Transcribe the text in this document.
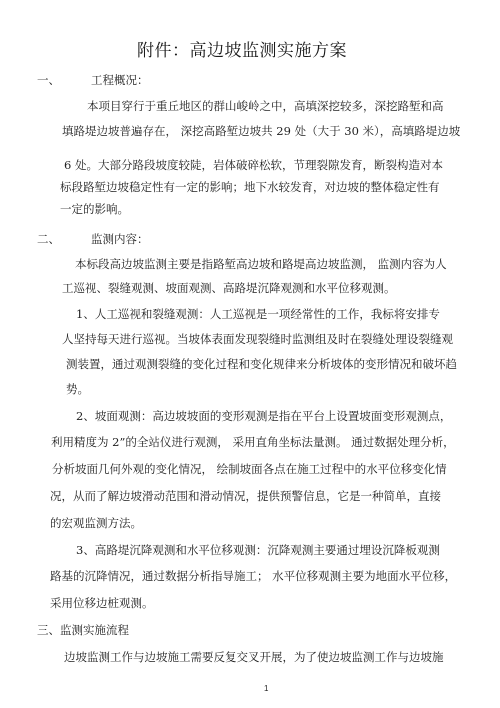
附件：高边坡监测实施方案
一、	工程概况：
本项目穿行于重丘地区的群山峻岭之中，高填深挖较多，深挖路堑和高
填路堤边坡普遍存在， 深挖高路堑边坡共 29 处（大于 30 米），高填路堤边坡
6 处。大部分路段坡度较陡，岩体破碎松软，节理裂隙发育，断裂构造对本
标段路堑边坡稳定性有一定的影响；地下水较发育，对边坡的整体稳定性有
一定的影响。
二、	监测内容：
本标段高边坡监测主要是指路堑高边坡和路堤高边坡监测， 监测内容为人
工巡视、裂缝观测、坡面观测、高路堤沉降观测和水平位移观测。
1、人工巡视和裂缝观测：人工巡视是一项经常性的工作，我标将安排专
人坚持每天进行巡视。当坡体表面发现裂缝时监测组及时在裂缝处理设裂缝观
测装置，通过观测裂缝的变化过程和变化规律来分析坡体的变形情况和破坏趋
势。
2、坡面观测：高边坡坡面的变形观测是指在平台上设置坡面变形观测点，
利用精度为 2”的全站仪进行观测， 采用直角坐标法量测。 通过数据处理分析，
分析坡面几何外观的变化情况， 绘制坡面各点在施工过程中的水平位移变化情
况，从而了解边坡滑动范围和滑动情况，提供预警信息，它是一种简单，直接
的宏观监测方法。
3、高路堤沉降观测和水平位移观测：沉降观测主要通过埋设沉降板观测
路基的沉降情况，通过数据分析指导施工； 水平位移观测主要为地面水平位移，
采用位移边桩观测。
三、监测实施流程
边坡监测工作与边坡施工需要反复交叉开展，为了使边坡监测工作与边坡施
1
